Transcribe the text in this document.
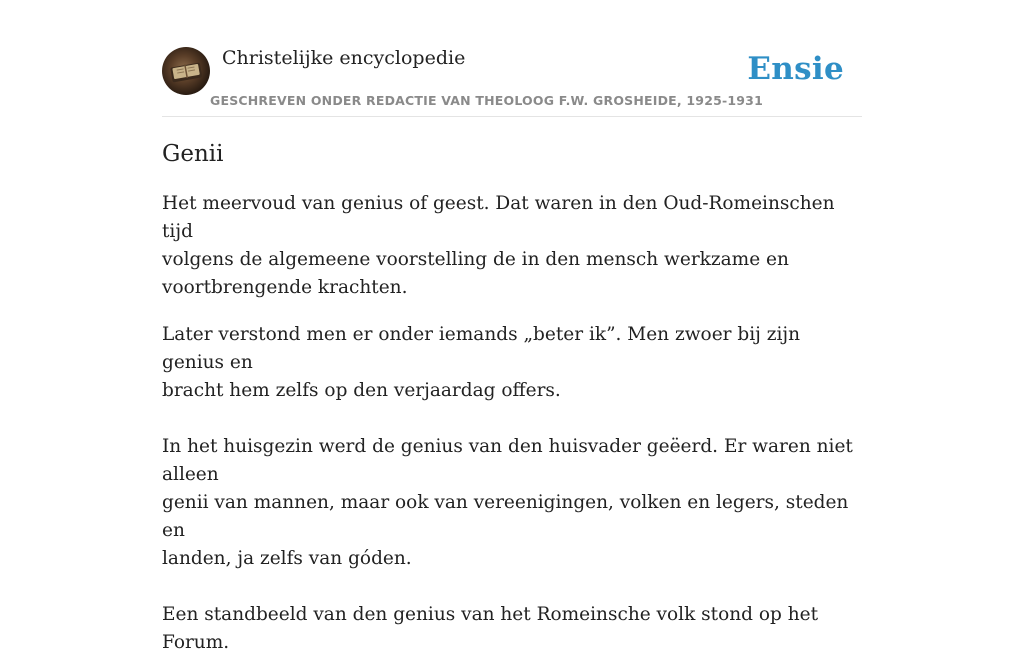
Christelijke encyclopedie
GESCHREVEN ONDER REDACTIE VAN THEOLOOG F.W. GROSHEIDE, 1925-1931
Ensie
Genii

Het meervoud van genius of geest. Dat waren in den Oud-Romeinschen tijd
volgens de algemeene voorstelling de in den mensch werkzame en
voortbrengende krachten.

Later verstond men er onder iemands „beter ik”. Men zwoer bij zijn genius en
bracht hem zelfs op den verjaardag offers.

In het huisgezin werd de genius van den huisvader geëerd. Er waren niet alleen
genii van mannen, maar ook van vereenigingen, volken en legers, steden en
landen, ja zelfs van góden.

Een standbeeld van den genius van het Romeinsche volk stond op het Forum.
